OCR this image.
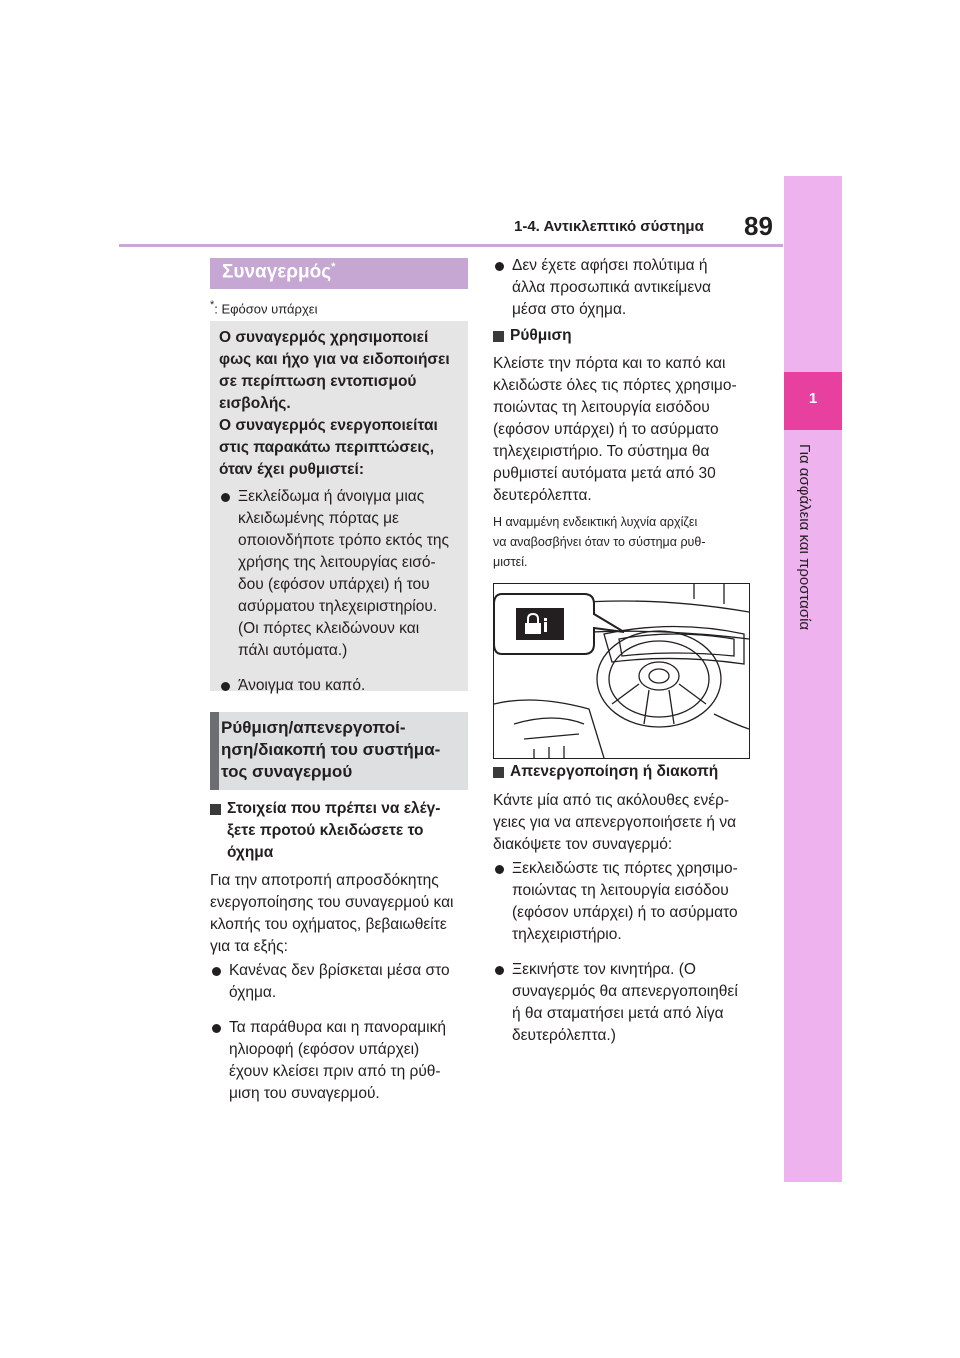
1-4. Αντικλεπτικό σύστημα 89
1
Για ασφάλεια και προστασία
Συναγερμός*
*: Εφόσον υπάρχει
Ο συναγερμός χρησιμοποιεί
φως και ήχο για να ειδοποιήσει
σε περίπτωση εντοπισμού
εισβολής.
Ο συναγερμός ενεργοποιείται
στις παρακάτω περιπτώσεις,
όταν έχει ρυθμιστεί:
Ξεκλείδωμα ή άνοιγμα μιας
κλειδωμένης πόρτας με
οποιονδήποτε τρόπο εκτός της
χρήσης της λειτουργίας εισό-
δου (εφόσον υπάρχει) ή του
ασύρματου τηλεχειριστηρίου.
(Οι πόρτες κλειδώνουν και
πάλι αυτόματα.)
Άνοιγμα του καπό.
Ρύθμιση/απενεργοποί-
ηση/διακοπή του συστήμα-
τος συναγερμού
Στοιχεία που πρέπει να ελέγ-
ξετε προτού κλειδώσετε το
όχημα
Για την αποτροπή απροσδόκητης
ενεργοποίησης του συναγερμού και
κλοπής του οχήματος, βεβαιωθείτε
για τα εξής:
Κανένας δεν βρίσκεται μέσα στο
όχημα.
Τα παράθυρα και η πανοραμική
ηλιοροφή (εφόσον υπάρχει)
έχουν κλείσει πριν από τη ρύθ-
μιση του συναγερμού.
Δεν έχετε αφήσει πολύτιμα ή
άλλα προσωπικά αντικείμενα
μέσα στο όχημα.
Ρύθμιση
Κλείστε την πόρτα και το καπό και
κλειδώστε όλες τις πόρτες χρησιμο-
ποιώντας τη λειτουργία εισόδου
(εφόσον υπάρχει) ή το ασύρματο
τηλεχειριστήριο. Το σύστημα θα
ρυθμιστεί αυτόματα μετά από 30
δευτερόλεπτα.
Η αναμμένη ενδεικτική λυχνία αρχίζει
να αναβοσβήνει όταν το σύστημα ρυθ-
μιστεί.
Απενεργοποίηση ή διακοπή
Κάντε μία από τις ακόλουθες ενέρ-
γειες για να απενεργοποιήσετε ή να
διακόψετε τον συναγερμό:
Ξεκλειδώστε τις πόρτες χρησιμο-
ποιώντας τη λειτουργία εισόδου
(εφόσον υπάρχει) ή το ασύρματο
τηλεχειριστήριο.
Ξεκινήστε τον κινητήρα. (Ο
συναγερμός θα απενεργοποιηθεί
ή θα σταματήσει μετά από λίγα
δευτερόλεπτα.)
